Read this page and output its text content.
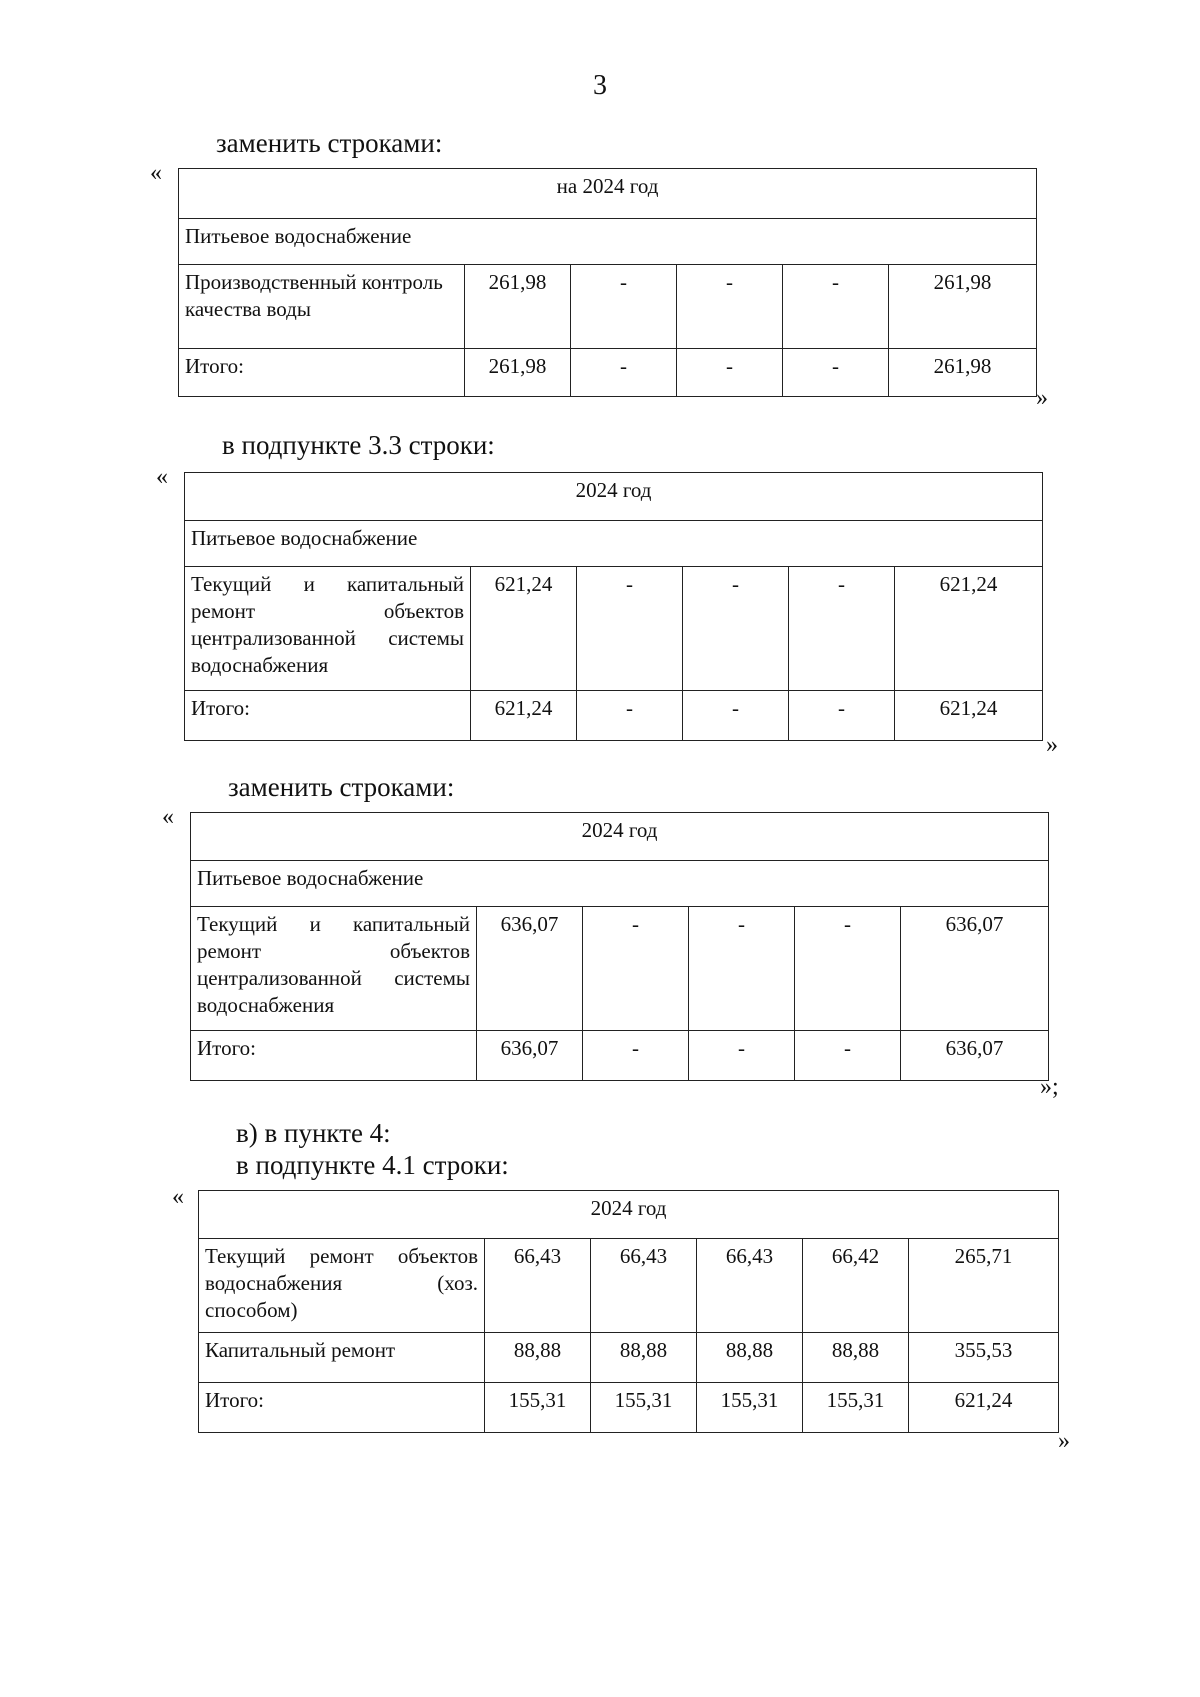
3
заменить строками:
«	на 2024 год					
Питьевое водоснабжение					
Производственный контроль качества воды	261,98	-	-	-	261,98
Итого:	261,98	-	-	-	261,98
»
в подпункте 3.3 строки:
«	2024 год					
Питьевое водоснабжение					
Текущий и капитальный ремонт объектов централизованной системы водоснабжения	621,24	-	-	-	621,24
Итого:	621,24	-	-	-	621,24
»
заменить строками:
«	2024 год					
Питьевое водоснабжение					
Текущий и капитальный ремонт объектов централизованной системы водоснабжения	636,07	-	-	-	636,07
Итого:	636,07	-	-	-	636,07
»;
в) в пункте 4:
в подпункте 4.1 строки:
«	2024 год					
Текущий ремонт объектов водоснабжения (хоз. способом)	66,43	66,43	66,43	66,42	265,71
Капитальный ремонт	88,88	88,88	88,88	88,88	355,53
Итого:	155,31	155,31	155,31	155,31	621,24
»
